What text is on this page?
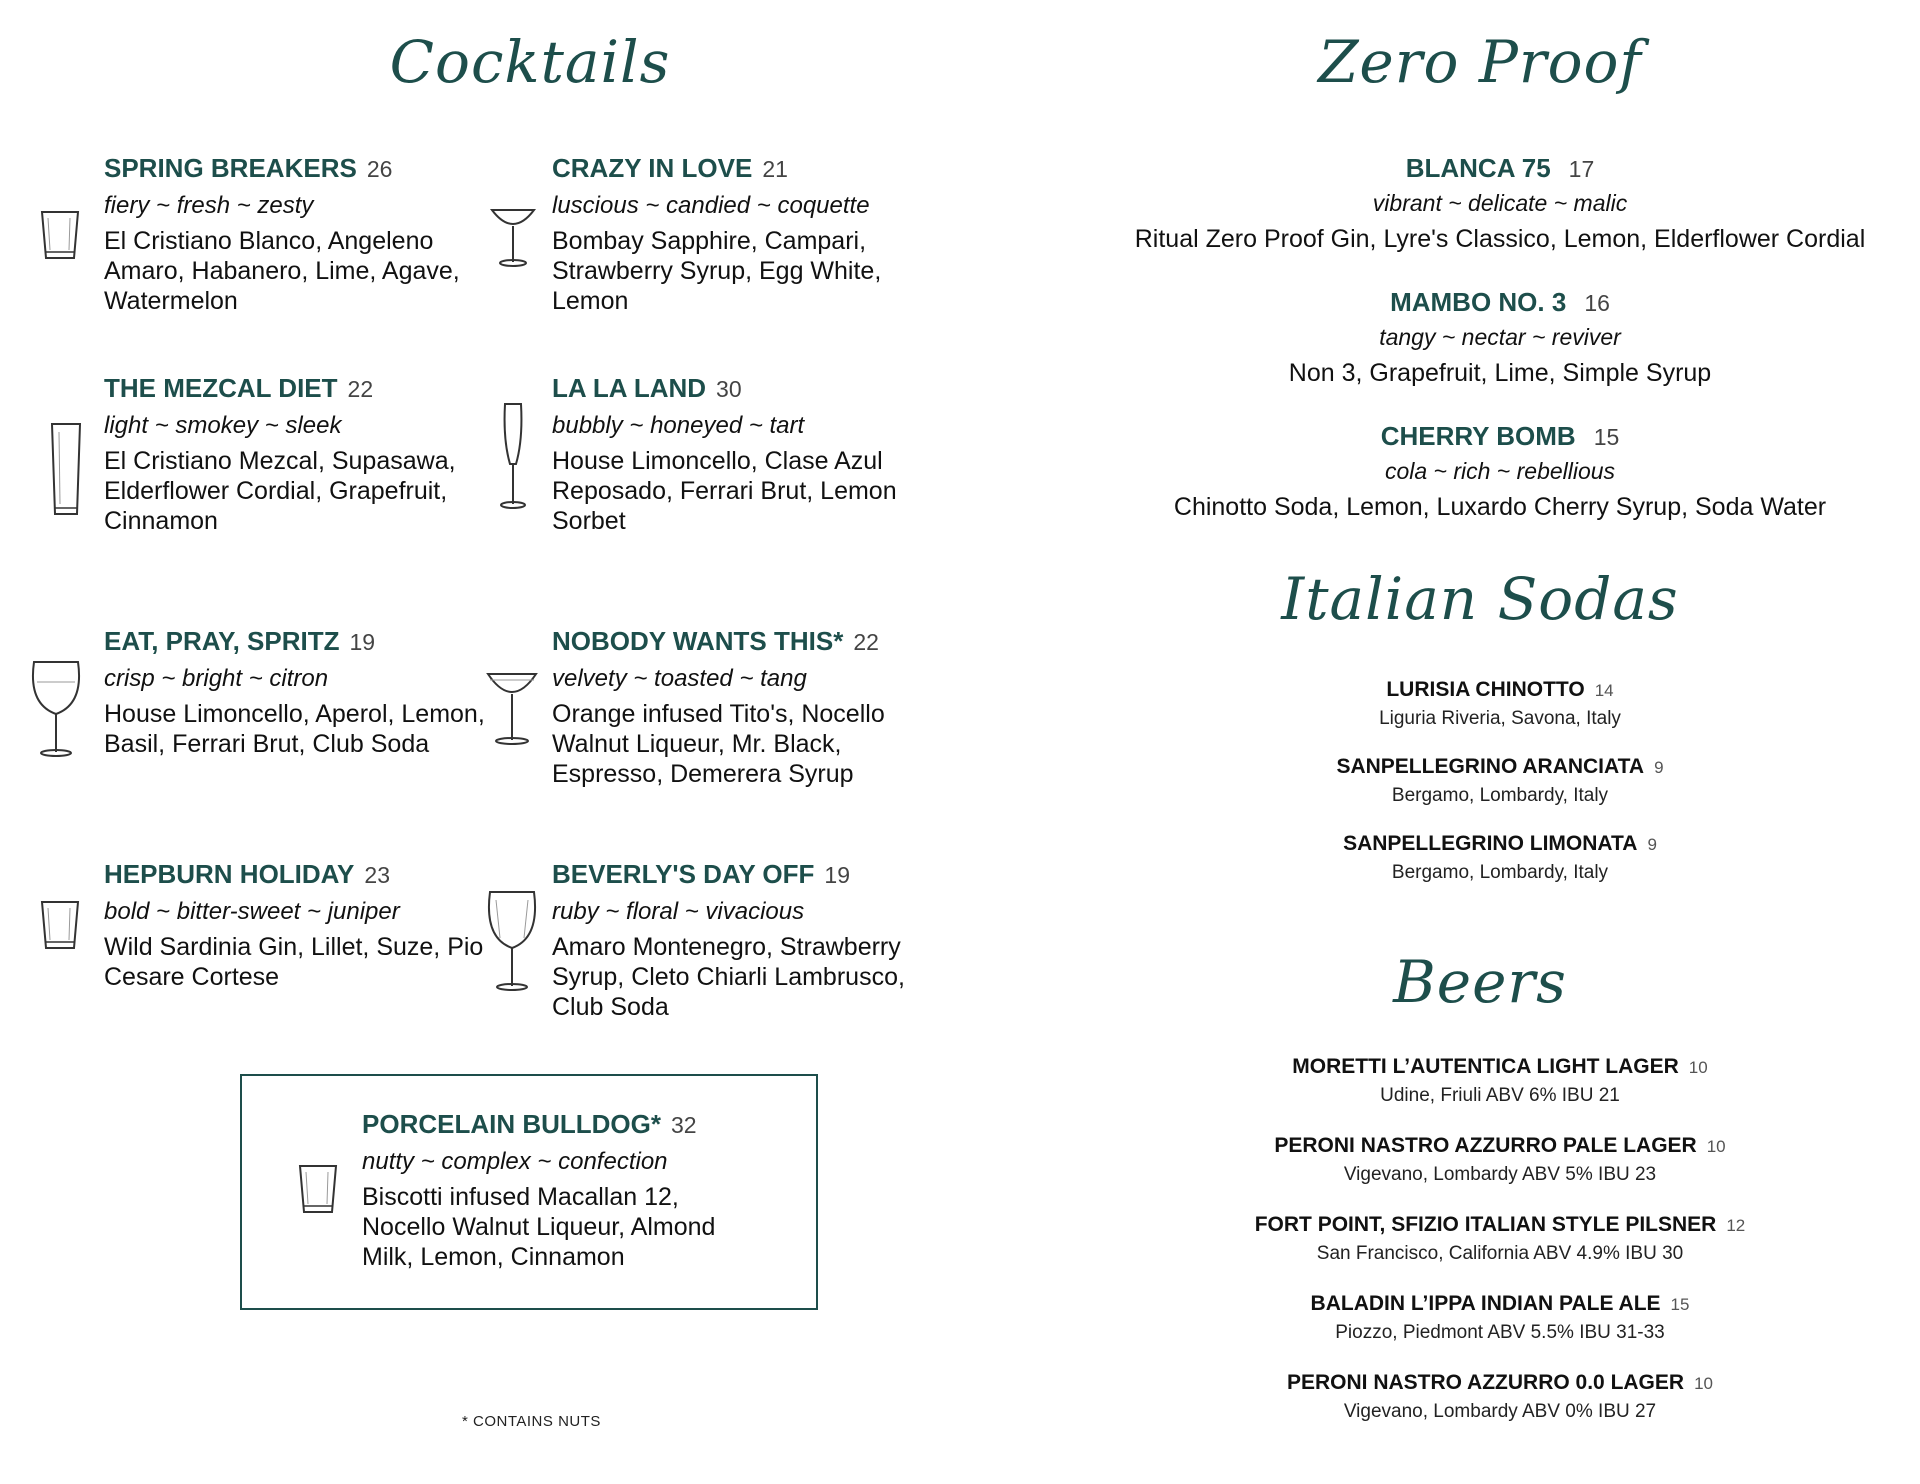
Cocktails	Zero Proof
Italian Sodas
Beers
SPRING BREAKERS 26
fiery ~ fresh ~ zesty
El Cristiano Blanco, Angeleno Amaro, Habanero, Lime, Agave, Watermelon
CRAZY IN LOVE 21
luscious ~ candied ~ coquette
Bombay Sapphire, Campari, Strawberry Syrup, Egg White, Lemon
THE MEZCAL DIET 22
light ~ smokey ~ sleek
El Cristiano Mezcal, Supasawa, Elderflower Cordial, Grapefruit, Cinnamon
LA LA LAND 30
bubbly ~ honeyed ~ tart
House Limoncello, Clase Azul Reposado, Ferrari Brut, Lemon Sorbet
EAT, PRAY, SPRITZ 19
crisp ~ bright ~ citron
House Limoncello, Aperol, Lemon, Basil, Ferrari Brut, Club Soda
NOBODY WANTS THIS* 22
velvety ~ toasted ~ tang
Orange infused Tito's, Nocello Walnut Liqueur, Mr. Black, Espresso, Demerera Syrup
HEPBURN HOLIDAY 23
bold ~ bitter-sweet ~ juniper
Wild Sardinia Gin, Lillet, Suze, Pio Cesare Cortese
BEVERLY'S DAY OFF 19
ruby ~ floral ~ vivacious
Amaro Montenegro, Strawberry Syrup, Cleto Chiarli Lambrusco, Club Soda
PORCELAIN BULLDOG* 32
nutty ~ complex ~ confection
Biscotti infused Macallan 12, Nocello Walnut Liqueur, Almond Milk, Lemon, Cinnamon
* CONTAINS NUTS
BLANCA 75 17
vibrant ~ delicate ~ malic
Ritual Zero Proof Gin, Lyre's Classico, Lemon, Elderflower Cordial
MAMBO NO. 3 16
tangy ~ nectar ~ reviver
Non 3, Grapefruit, Lime, Simple Syrup
CHERRY BOMB 15
cola ~ rich ~ rebellious
Chinotto Soda, Lemon, Luxardo Cherry Syrup, Soda Water
LURISIA CHINOTTO 14
Liguria Riveria, Savona, Italy
SANPELLEGRINO ARANCIATA 9
Bergamo, Lombardy, Italy
SANPELLEGRINO LIMONATA 9
Bergamo, Lombardy, Italy
MORETTI L’AUTENTICA LIGHT LAGER 10
Udine, Friuli ABV 6% IBU 21
PERONI NASTRO AZZURRO PALE LAGER 10
Vigevano, Lombardy ABV 5% IBU 23
FORT POINT, SFIZIO ITALIAN STYLE PILSNER 12
San Francisco, California ABV 4.9% IBU 30
BALADIN L’IPPA INDIAN PALE ALE 15
Piozzo, Piedmont ABV 5.5% IBU 31-33
PERONI NASTRO AZZURRO 0.0 LAGER 10
Vigevano, Lombardy ABV 0% IBU 27
